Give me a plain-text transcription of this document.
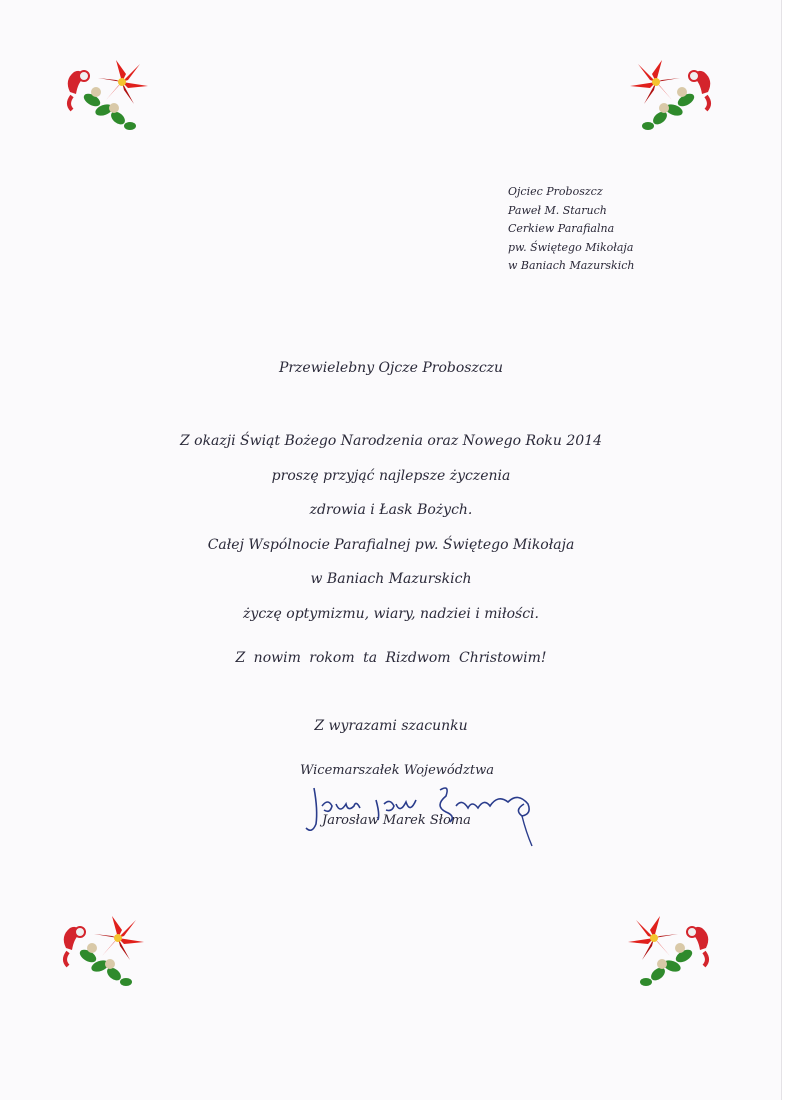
Ojciec Proboszcz
Paweł M. Staruch
Cerkiew Parafialna
pw. Świętego Mikołaja
w Baniach Mazurskich
Przewielebny Ojcze Proboszczu
Z okazji Świąt Bożego Narodzenia oraz Nowego Roku 2014
proszę przyjąć najlepsze życzenia
zdrowia i Łask Bożych.
Całej Wspólnocie Parafialnej pw. Świętego Mikołaja
w Baniach Mazurskich
życzę optymizmu, wiary, nadziei i miłości.
Z nowim rokom ta Rizdwom Christowim!
Z wyrazami szacunku
Wicemarszałek Województwa
Jarosław Marek Słoma
